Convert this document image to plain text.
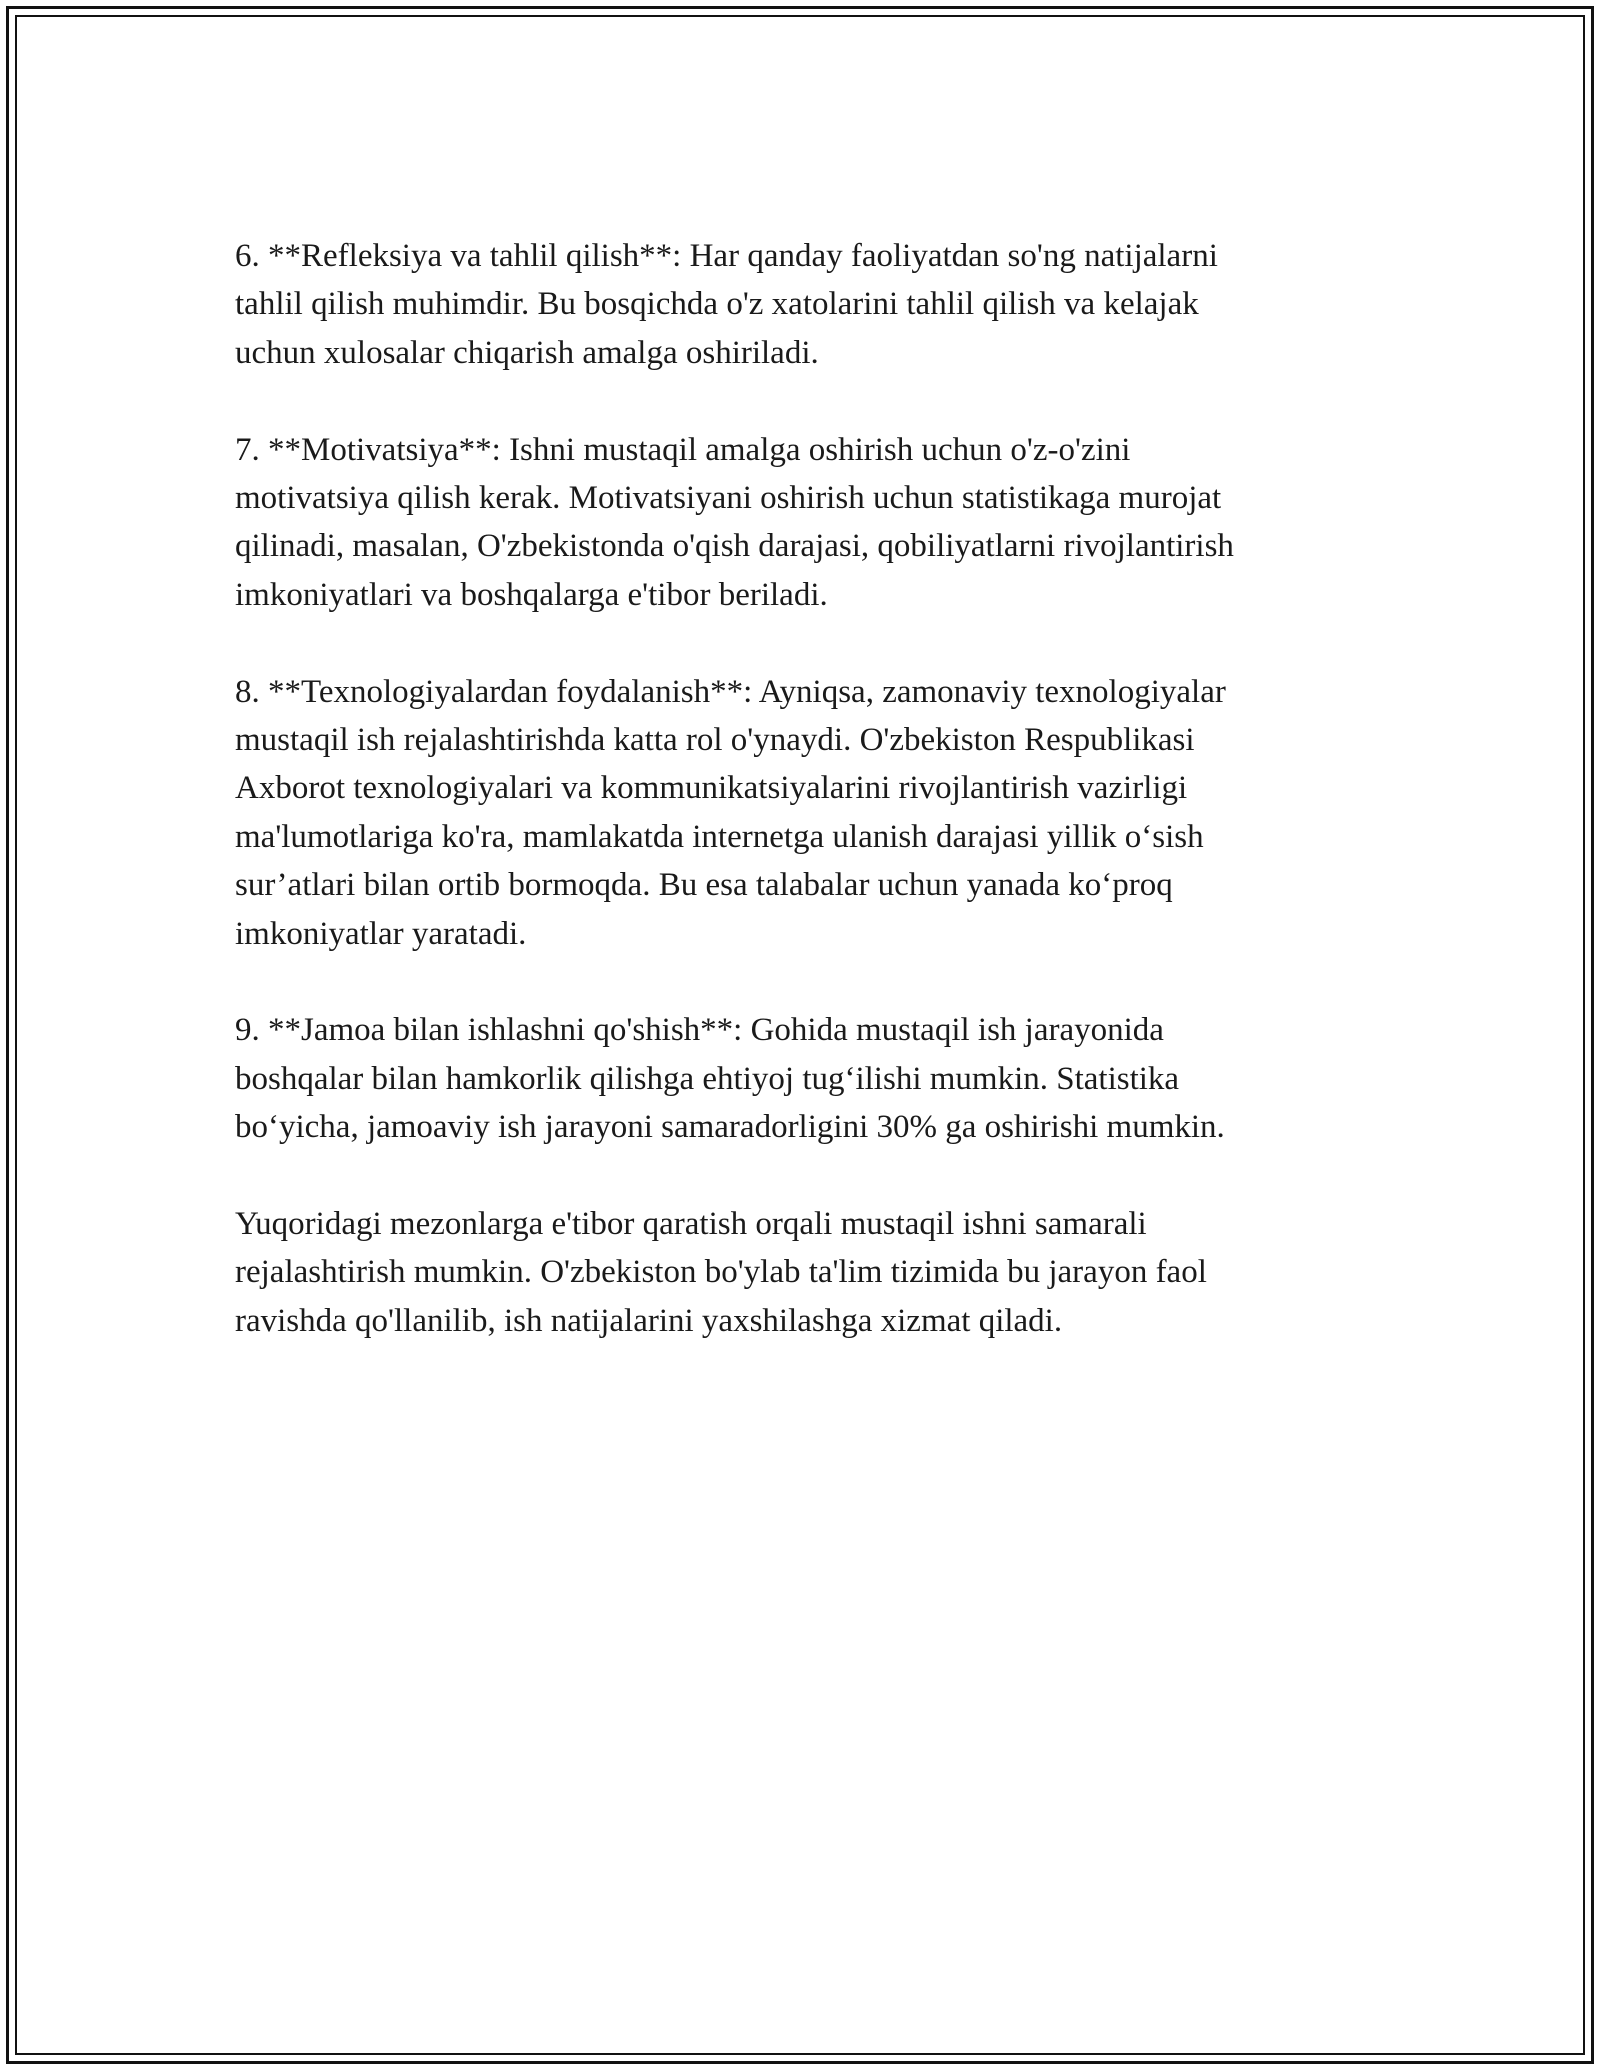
6. **Refleksiya va tahlil qilish**: Har qanday faoliyatdan so'ng natijalarni
tahlil qilish muhimdir. Bu bosqichda o'z xatolarini tahlil qilish va kelajak
uchun xulosalar chiqarish amalga oshiriladi.

7. **Motivatsiya**: Ishni mustaqil amalga oshirish uchun o'z-o'zini
motivatsiya qilish kerak. Motivatsiyani oshirish uchun statistikaga murojat
qilinadi, masalan, O'zbekistonda o'qish darajasi, qobiliyatlarni rivojlantirish
imkoniyatlari va boshqalarga e'tibor beriladi.

8. **Texnologiyalardan foydalanish**: Ayniqsa, zamonaviy texnologiyalar
mustaqil ish rejalashtirishda katta rol o'ynaydi. O'zbekiston Respublikasi
Axborot texnologiyalari va kommunikatsiyalarini rivojlantirish vazirligi
ma'lumotlariga ko'ra, mamlakatda internetga ulanish darajasi yillik o‘sish
sur’atlari bilan ortib bormoqda. Bu esa talabalar uchun yanada ko‘proq
imkoniyatlar yaratadi.

9. **Jamoa bilan ishlashni qo'shish**: Gohida mustaqil ish jarayonida
boshqalar bilan hamkorlik qilishga ehtiyoj tug‘ilishi mumkin. Statistika
bo‘yicha, jamoaviy ish jarayoni samaradorligini 30% ga oshirishi mumkin.

Yuqoridagi mezonlarga e'tibor qaratish orqali mustaqil ishni samarali
rejalashtirish mumkin. O'zbekiston bo'ylab ta'lim tizimida bu jarayon faol
ravishda qo'llanilib, ish natijalarini yaxshilashga xizmat qiladi.
